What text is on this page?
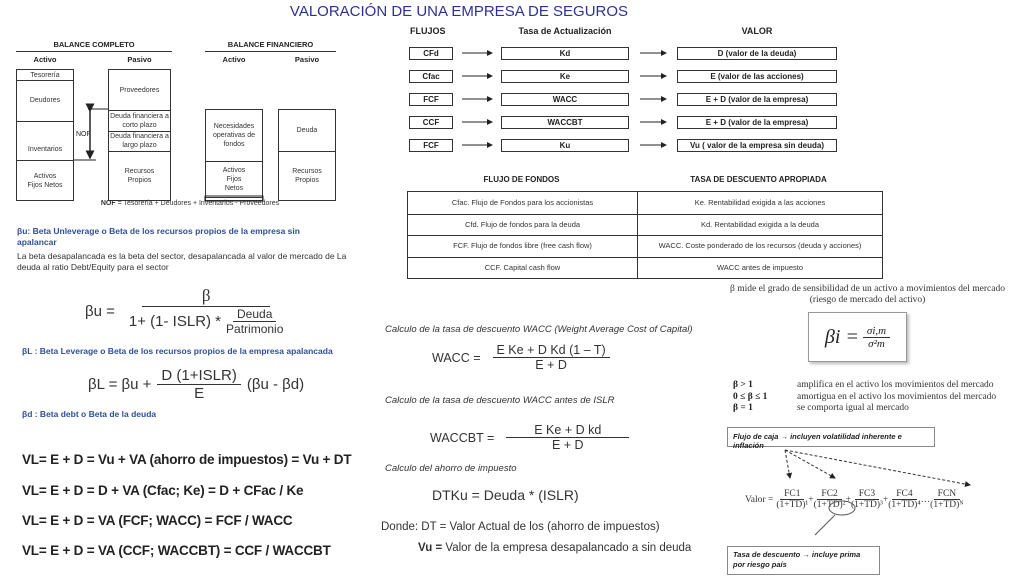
VALORACIÓN DE UNA EMPRESA DE SEGUROS
BALANCE COMPLETO
Activo	Pasivo
Tesorería
Deudores
Inventarios
Activos Fijos Netos
Proveedores
Deuda financiera a corto plazo
Deuda financiera a largo plazo
Recursos Propios
NOF
BALANCE FINANCIERO
Activo	Pasivo
Necesidades operativas de fondos
Activos Fijos Netos
Deuda
Recursos Propios
NOF = Tesorería + Deudores + Inventarios - Proveedores
FLUJOS	Tasa de Actualización	VALOR
CFd	Kd	D (valor de la deuda)
Cfac	Ke	E (valor de las acciones)
FCF	WACC	E + D (valor de la empresa)
CCF	WACCBT	E + D (valor de la empresa)
FCF	Ku	Vu ( valor de la empresa sin deuda)
FLUJO DE FONDOS	TASA DE DESCUENTO APROPIADA
Cfac. Flujo de Fondos para los accionistas	Ke. Rentabilidad exigida a las acciones
Cfd. Flujo de fondos para la deuda	Kd. Rentabilidad exigida a la deuda
FCF. Flujo de fondos libre (free cash flow)	WACC. Coste ponderado de los recursos (deuda y acciones)
CCF. Capital cash flow	WACC antes de impuesto
βu: Beta Unleverage o Beta de los recursos propios de la empresa sin apalancar
La beta desapalancada es la beta del sector, desapalancada al valor de mercado de La deuda al ratio Debt/Equity para el sector
$\beta u = \frac{\beta}{1+ (1- ISLR) * \frac{\text{Deuda}}{\text{Patrimonio}}}$
βL : Beta Leverage o Beta de los recursos propios de la empresa apalancada
$\beta L = \beta u + \frac{\text{D (1+ISLR)}}{E} (\beta u - \beta d)$
βd : Beta debt o Beta de la deuda
VL= E + D = Vu + VA (ahorro de impuestos) = Vu + DT
VL= E + D = D + VA (Cfac; Ke) = D + CFac / Ke
VL= E + D = VA (FCF; WACC) = FCF / WACC
VL= E + D = VA (CCF; WACCBT) = CCF / WACCBT
Calculo de la tasa de descuento WACC (Weight Average Cost of Capital)
WACC = $\frac{\text{E Ke + D Kd (1 – T)}}{E + D}$
Calculo de la tasa de descuento WACC antes de ISLR
WACCBT = $\frac{\text{E Ke + D kd}}{E + D}$
Calculo del ahorro de impuesto
DTKu = Deuda * (ISLR)
Donde: DT = Valor Actual de los (ahorro de impuestos)
Vu = Valor de la empresa desapalancado a sin deuda
β mide el grado de sensibilidad de un activo a movimientos del mercado (riesgo de mercado del activo)
$\beta i = \frac{\sigma i,m}{\text{σ²m}}$
β > 1	amplifica en el activo los movimientos del mercado
0 ≤ β ≤ 1	amortigua en el activo los movimientos del mercado
β = 1	se comporta igual al mercado
Flujo de caja → incluyen volatilidad inherente e inflación
Valor = $\frac{FC1}{\text{(1+TD)¹}} + \frac{FC2}{\text{(1+TD)²}} + \frac{FC3}{\text{(1+TD)³}} + \frac{FC4}{\text{(1+TD)⁴}}$ … $\frac{\text{FCN}}{\text{(1+TD)ᴺ}}$
Tasa de descuento → incluye prima por riesgo país
